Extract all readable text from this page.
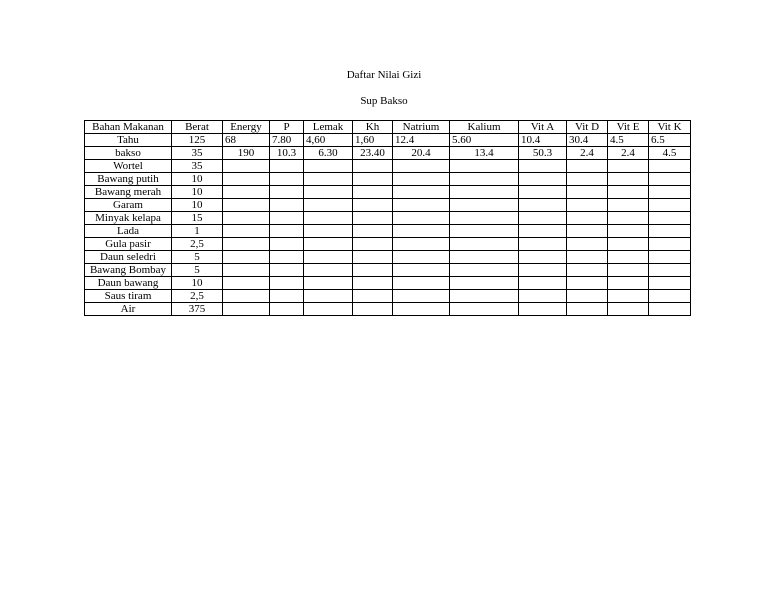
Daftar Nilai Gizi
Sup Bakso
Bahan Makanan	Berat	Energy	P	Lemak	Kh	Natrium	Kalium	Vit A	Vit D	Vit E	Vit K
Tahu	125	68	7.80	4,60	1,60	12.4	5.60	10.4	30.4	4.5	6.5
bakso	35	190	10.3	6.30	23.40	20.4	13.4	50.3	2.4	2.4	4.5
Wortel	35										
Bawang putih	10										
Bawang merah	10										
Garam	10										
Minyak kelapa	15										
Lada	1										
Gula pasir	2,5										
Daun seledri	5										
Bawang Bombay	5										
Daun bawang	10										
Saus tiram	2,5										
Air	375										
